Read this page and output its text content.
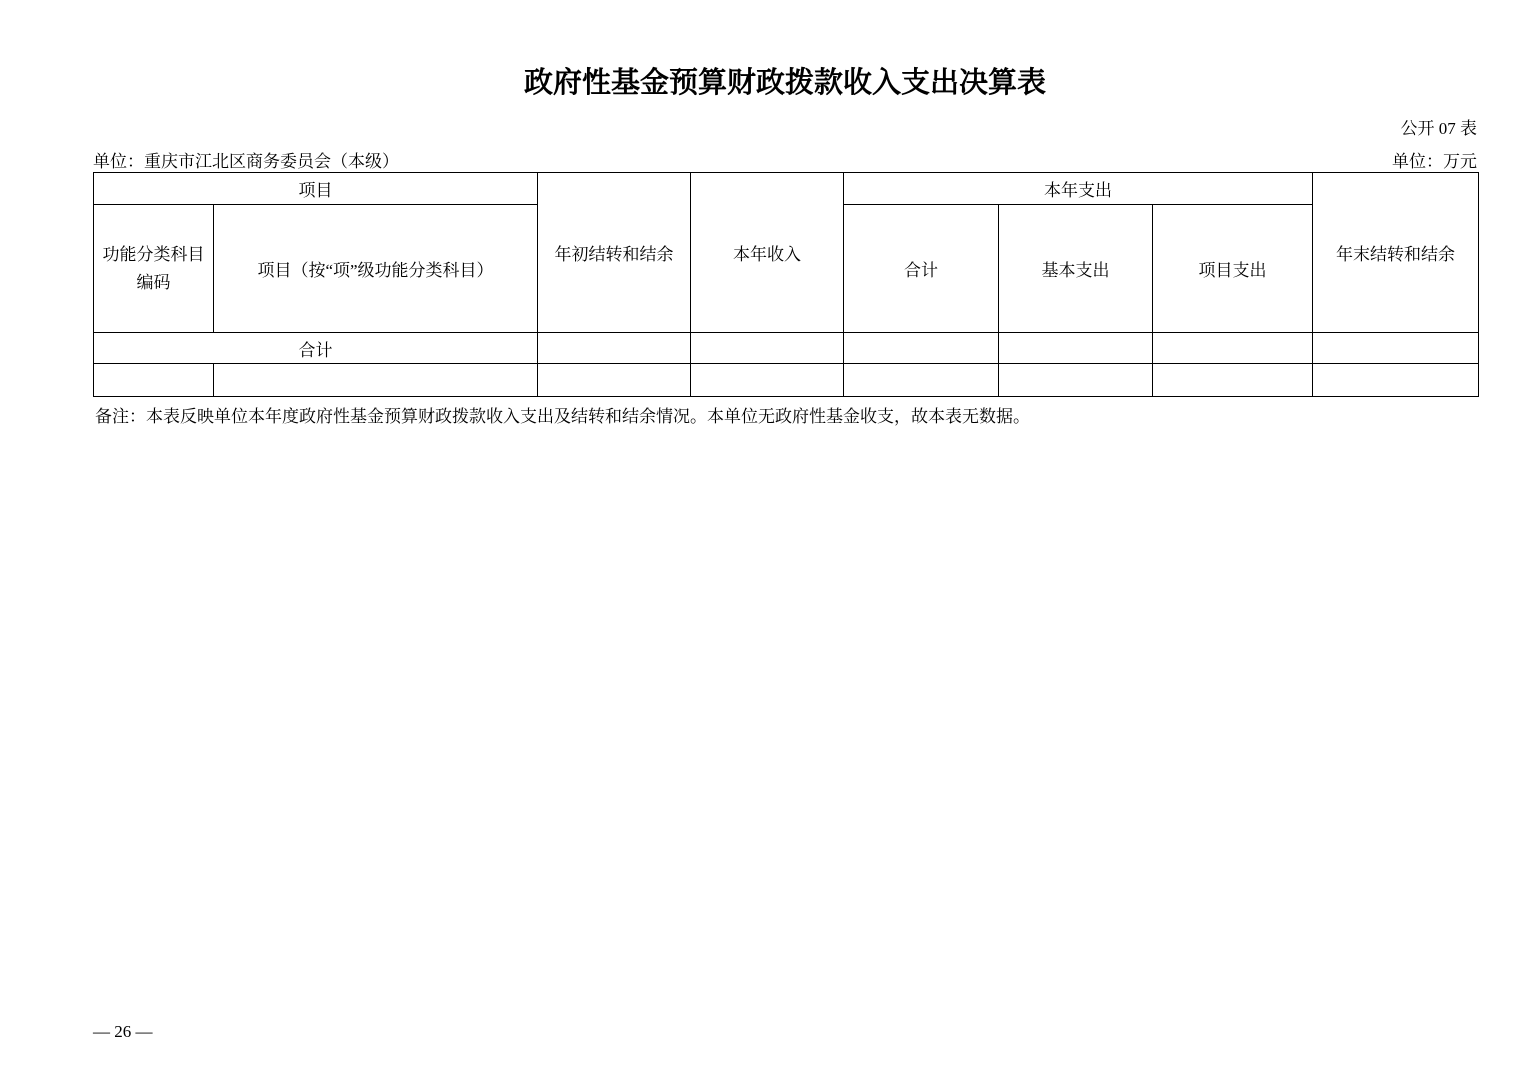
政府性基金预算财政拨款收入支出决算表
公开 07 表
单位：重庆市江北区商务委员会（本级）	单位：万元
项目		年初结转和结余	本年收入	本年支出			年末结转和结余
功能分类科目编码	项目（按“项”级功能分类科目）			合计	基本支出	项目支出	
合计							

备注：本表反映单位本年度政府性基金预算财政拨款收入支出及结转和结余情况。本单位无政府性基金收支，故本表无数据。
— 26 —
